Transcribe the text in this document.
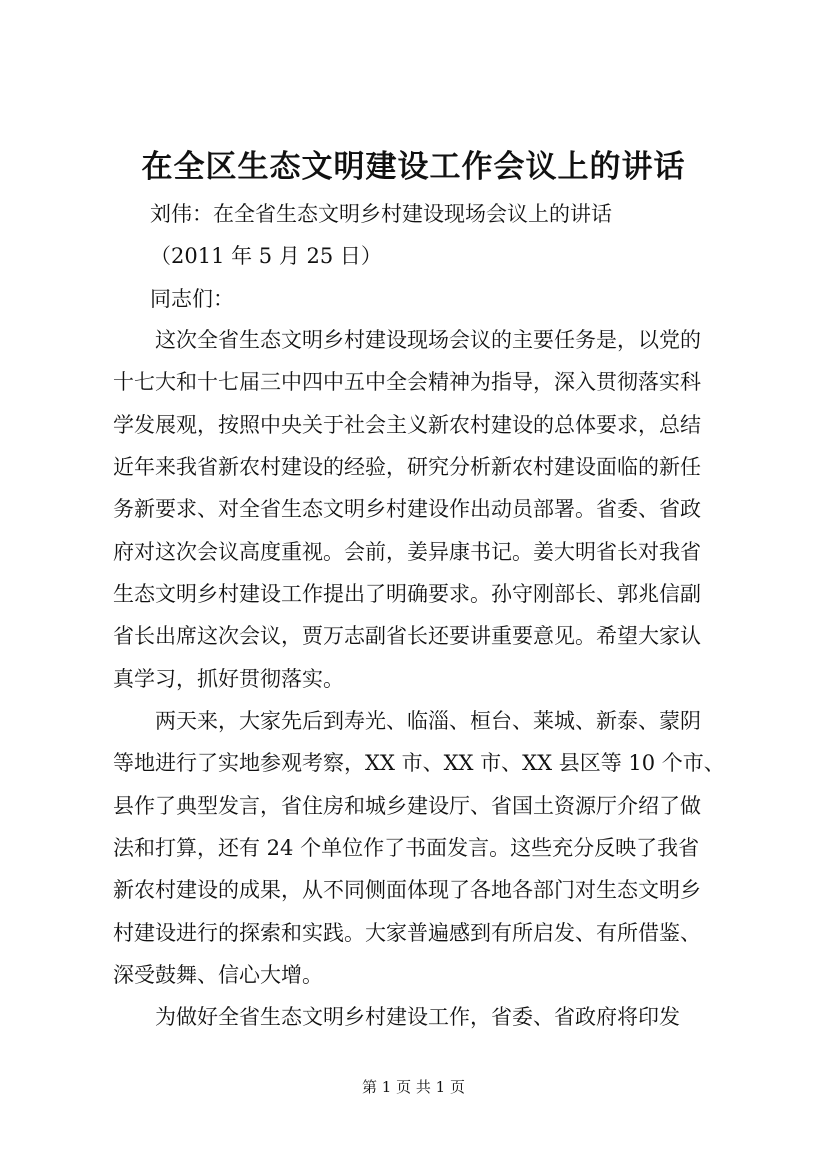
在全区生态文明建设工作会议上的讲话
刘伟：在全省生态文明乡村建设现场会议上的讲话
（2011 年 5 月 25 日）
同志们：
这次全省生态文明乡村建设现场会议的主要任务是，以党的
十七大和十七届三中四中五中全会精神为指导，深入贯彻落实科
学发展观，按照中央关于社会主义新农村建设的总体要求，总结
近年来我省新农村建设的经验，研究分析新农村建设面临的新任
务新要求、对全省生态文明乡村建设作出动员部署。省委、省政
府对这次会议高度重视。会前，姜异康书记。姜大明省长对我省
生态文明乡村建设工作提出了明确要求。孙守刚部长、郭兆信副
省长出席这次会议，贾万志副省长还要讲重要意见。希望大家认
真学习，抓好贯彻落实。
两天来，大家先后到寿光、临淄、桓台、莱城、新泰、蒙阴
等地进行了实地参观考察，XX 市、XX 市、XX 县区等 10 个市、
县作了典型发言，省住房和城乡建设厅、省国土资源厅介绍了做
法和打算，还有 24 个单位作了书面发言。这些充分反映了我省
新农村建设的成果，从不同侧面体现了各地各部门对生态文明乡
村建设进行的探索和实践。大家普遍感到有所启发、有所借鉴、
深受鼓舞、信心大增。
为做好全省生态文明乡村建设工作，省委、省政府将印发
第 1 页 共 1 页
